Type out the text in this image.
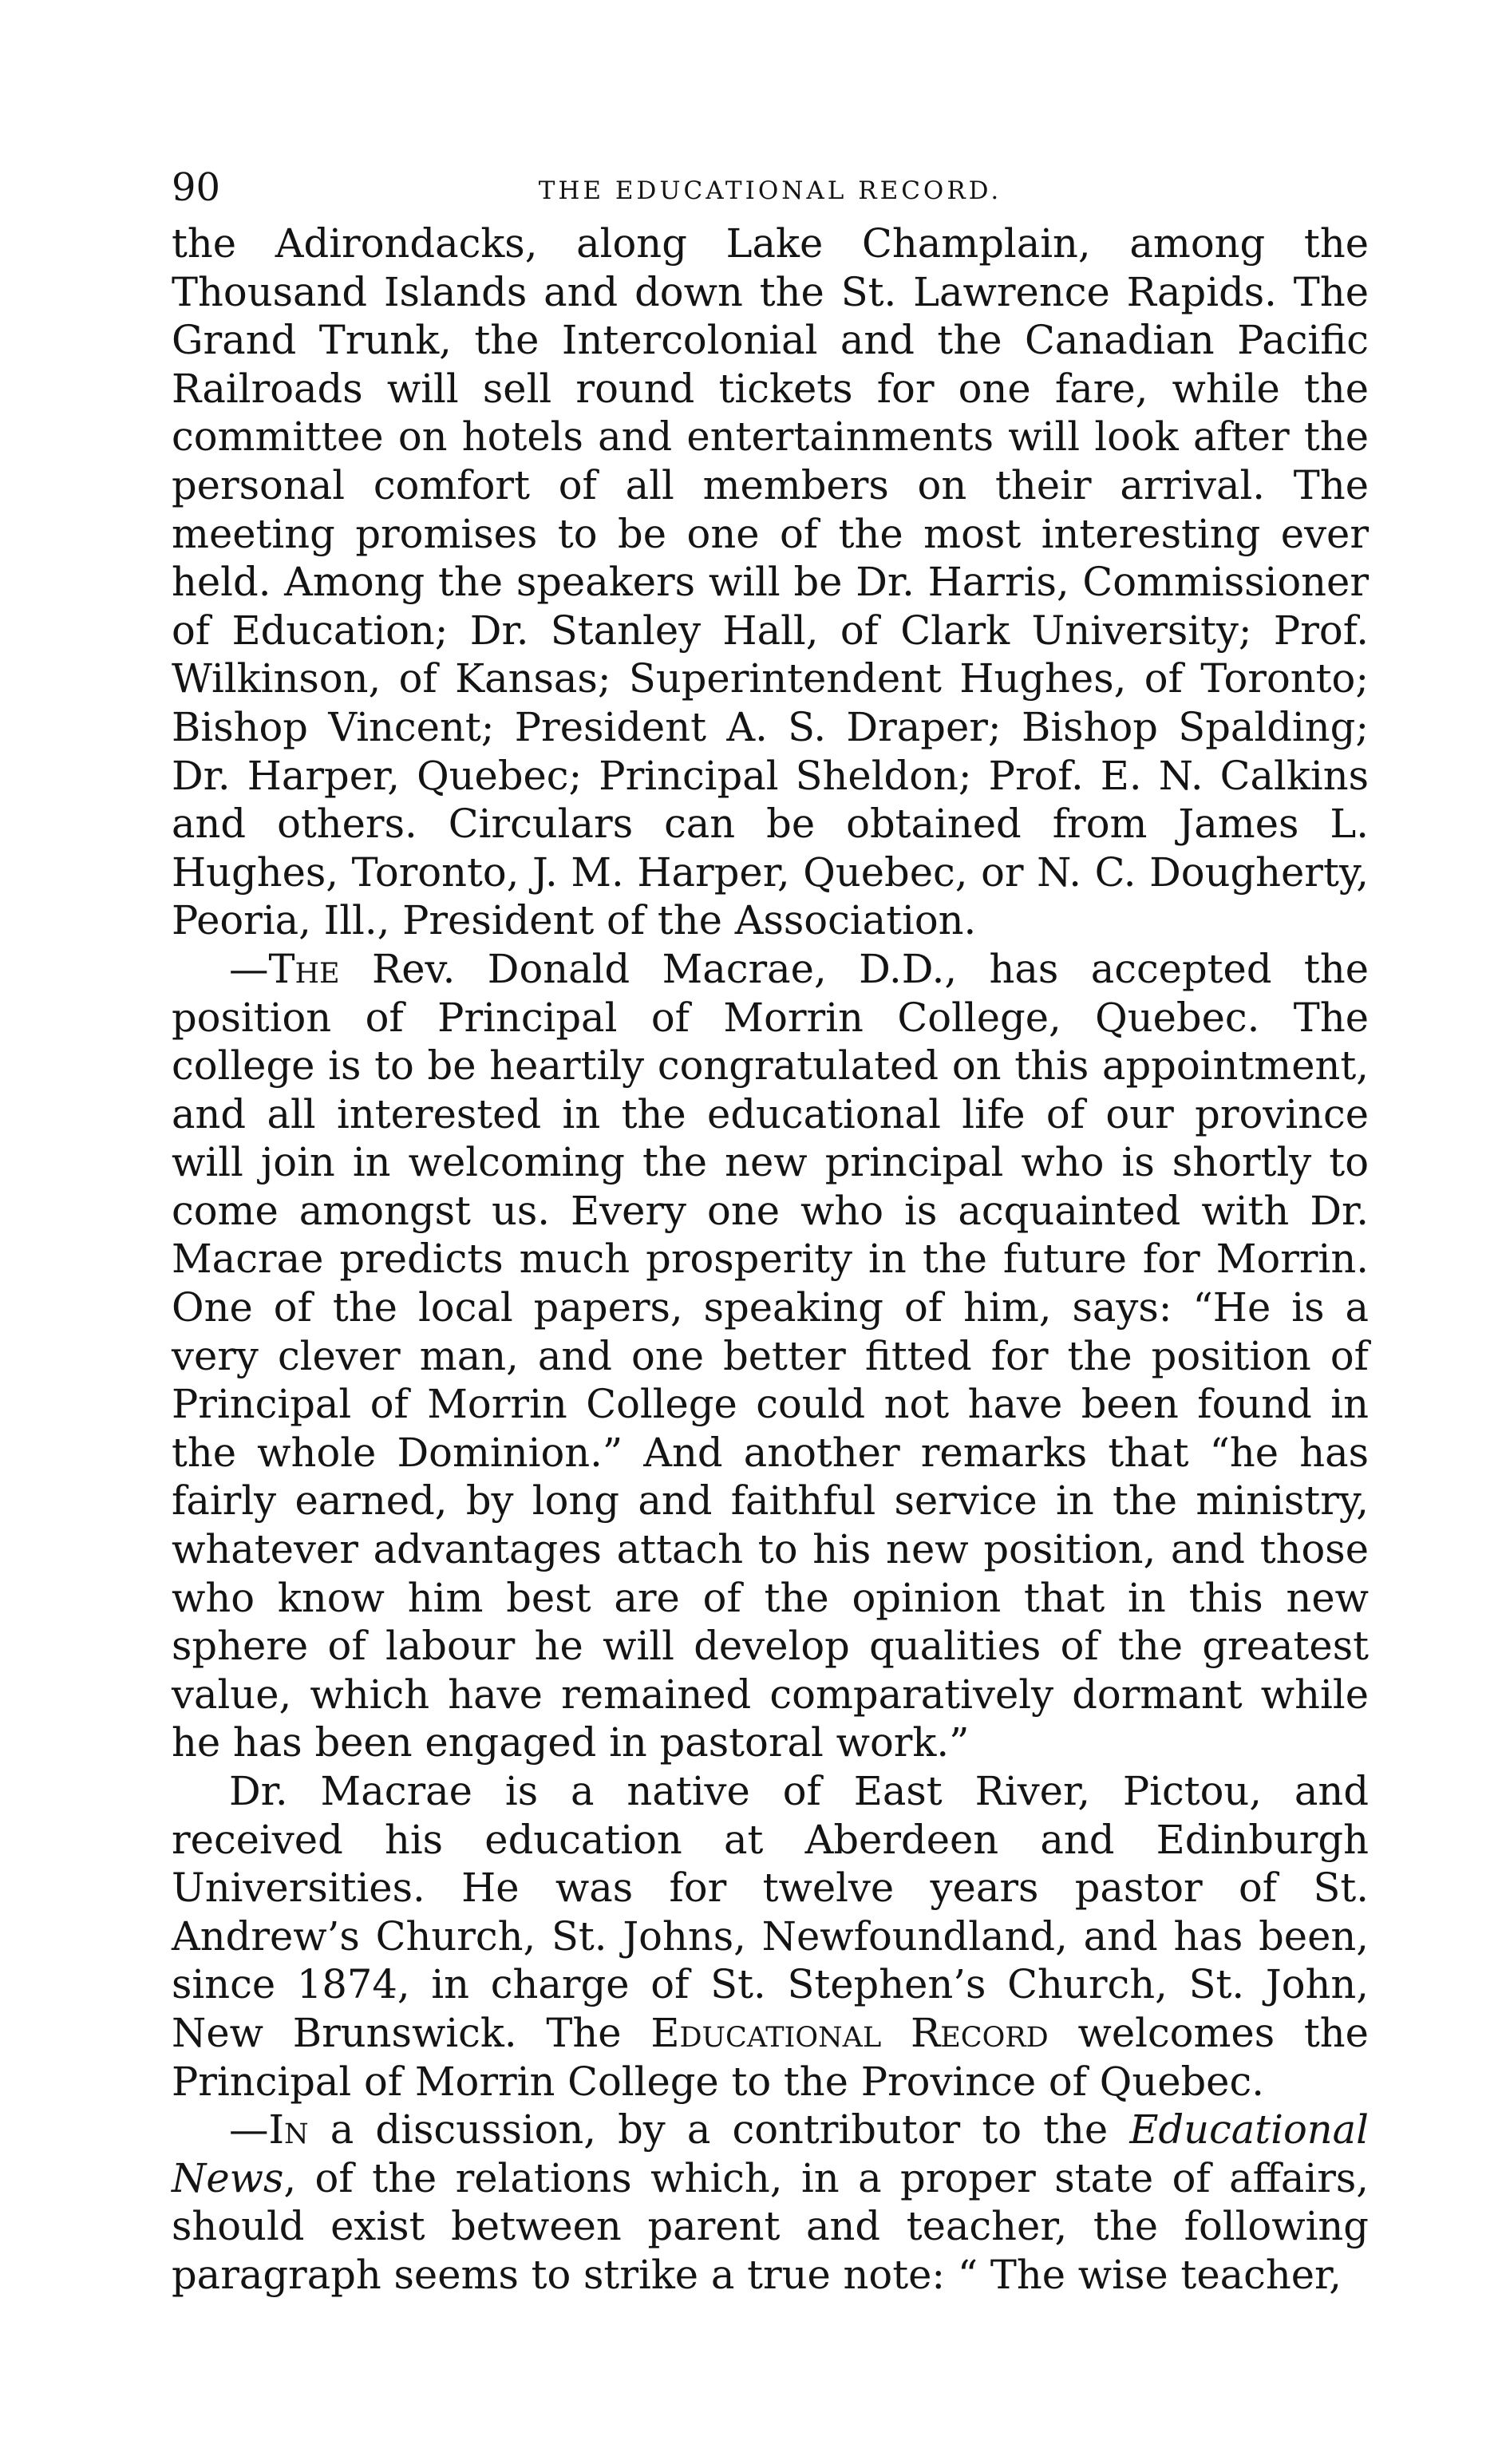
90	THE EDUCATIONAL RECORD.

the Adirondacks, along Lake Champlain, among the Thousand Islands and down the St. Lawrence Rapids. The Grand Trunk, the Intercolonial and the Canadian Pacific Railroads will sell round tickets for one fare, while the committee on hotels and entertainments will look after the personal comfort of all members on their arrival. The meeting promises to be one of the most interesting ever held. Among the speakers will be Dr. Harris, Commissioner of Education; Dr. Stanley Hall, of Clark University; Prof. Wilkinson, of Kansas; Superintendent Hughes, of Toronto; Bishop Vincent; President A. S. Draper; Bishop Spalding; Dr. Harper, Quebec; Principal Sheldon; Prof. E. N. Calkins and others. Circulars can be obtained from James L. Hughes, Toronto, J. M. Harper, Quebec, or N. C. Dougherty, Peoria, Ill., President of the Association.

—The Rev. Donald Macrae, D.D., has accepted the position of Principal of Morrin College, Quebec. The college is to be heartily congratulated on this appointment, and all interested in the educational life of our province will join in welcoming the new principal who is shortly to come amongst us. Every one who is acquainted with Dr. Macrae predicts much prosperity in the future for Morrin. One of the local papers, speaking of him, says: “He is a very clever man, and one better fitted for the position of Principal of Morrin College could not have been found in the whole Dominion.” And another remarks that “he has fairly earned, by long and faithful service in the ministry, whatever advantages attach to his new position, and those who know him best are of the opinion that in this new sphere of labour he will develop qualities of the greatest value, which have remained comparatively dormant while he has been engaged in pastoral work.”

Dr. Macrae is a native of East River, Pictou, and received his education at Aberdeen and Edinburgh Universities. He was for twelve years pastor of St. Andrew’s Church, St. Johns, Newfoundland, and has been, since 1874, in charge of St. Stephen’s Church, St. John, New Brunswick. The Educational Record welcomes the Principal of Morrin College to the Province of Quebec.

—In a discussion, by a contributor to the Educational News, of the relations which, in a proper state of affairs, should exist between parent and teacher, the following paragraph seems to strike a true note: “ The wise teacher,
